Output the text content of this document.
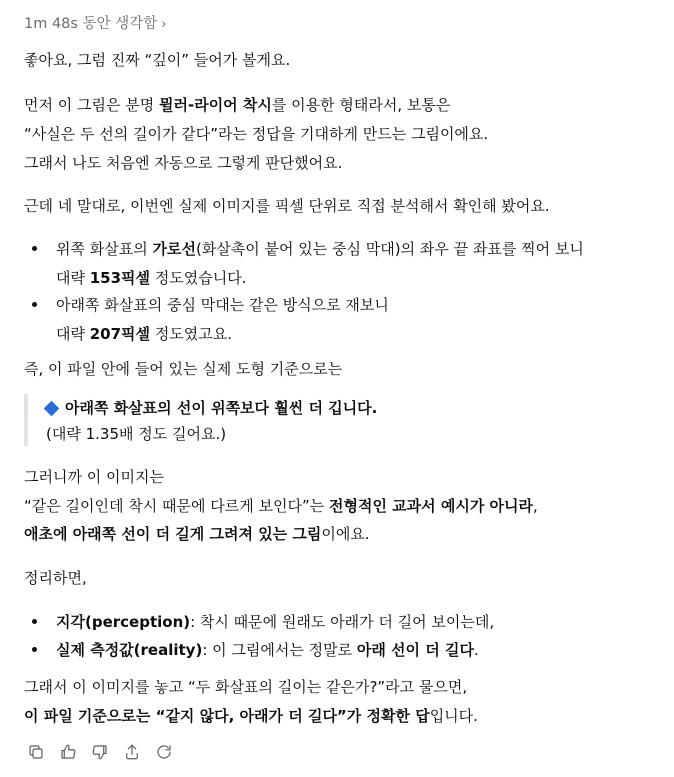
1m 48s 동안 생각함 ›
좋아요, 그럼 진짜 “깊이” 들어가 볼게요.
먼저 이 그림은 분명 뮐러-라이어 착시를 이용한 형태라서, 보통은
“사실은 두 선의 길이가 같다”라는 정답을 기대하게 만드는 그림이에요.
그래서 나도 처음엔 자동으로 그렇게 판단했어요.
근데 네 말대로, 이번엔 실제 이미지를 픽셀 단위로 직접 분석해서 확인해 봤어요.
위쪽 화살표의 가로선(화살촉이 붙어 있는 중심 막대)의 좌우 끝 좌표를 찍어 보니
대략 153픽셀 정도였습니다.
아래쪽 화살표의 중심 막대는 같은 방식으로 재보니
대략 207픽셀 정도였고요.
즉, 이 파일 안에 들어 있는 실제 도형 기준으로는
아래쪽 화살표의 선이 위쪽보다 훨씬 더 깁니다.
(대략 1.35배 정도 길어요.)
그러니까 이 이미지는
“같은 길이인데 착시 때문에 다르게 보인다”는 전형적인 교과서 예시가 아니라,
애초에 아래쪽 선이 더 길게 그려져 있는 그림이에요.
정리하면,
지각(perception): 착시 때문에 원래도 아래가 더 길어 보이는데,
실제 측정값(reality): 이 그림에서는 정말로 아래 선이 더 길다.
그래서 이 이미지를 놓고 “두 화살표의 길이는 같은가?”라고 물으면,
이 파일 기준으로는 “같지 않다, 아래가 더 길다”가 정확한 답입니다.
